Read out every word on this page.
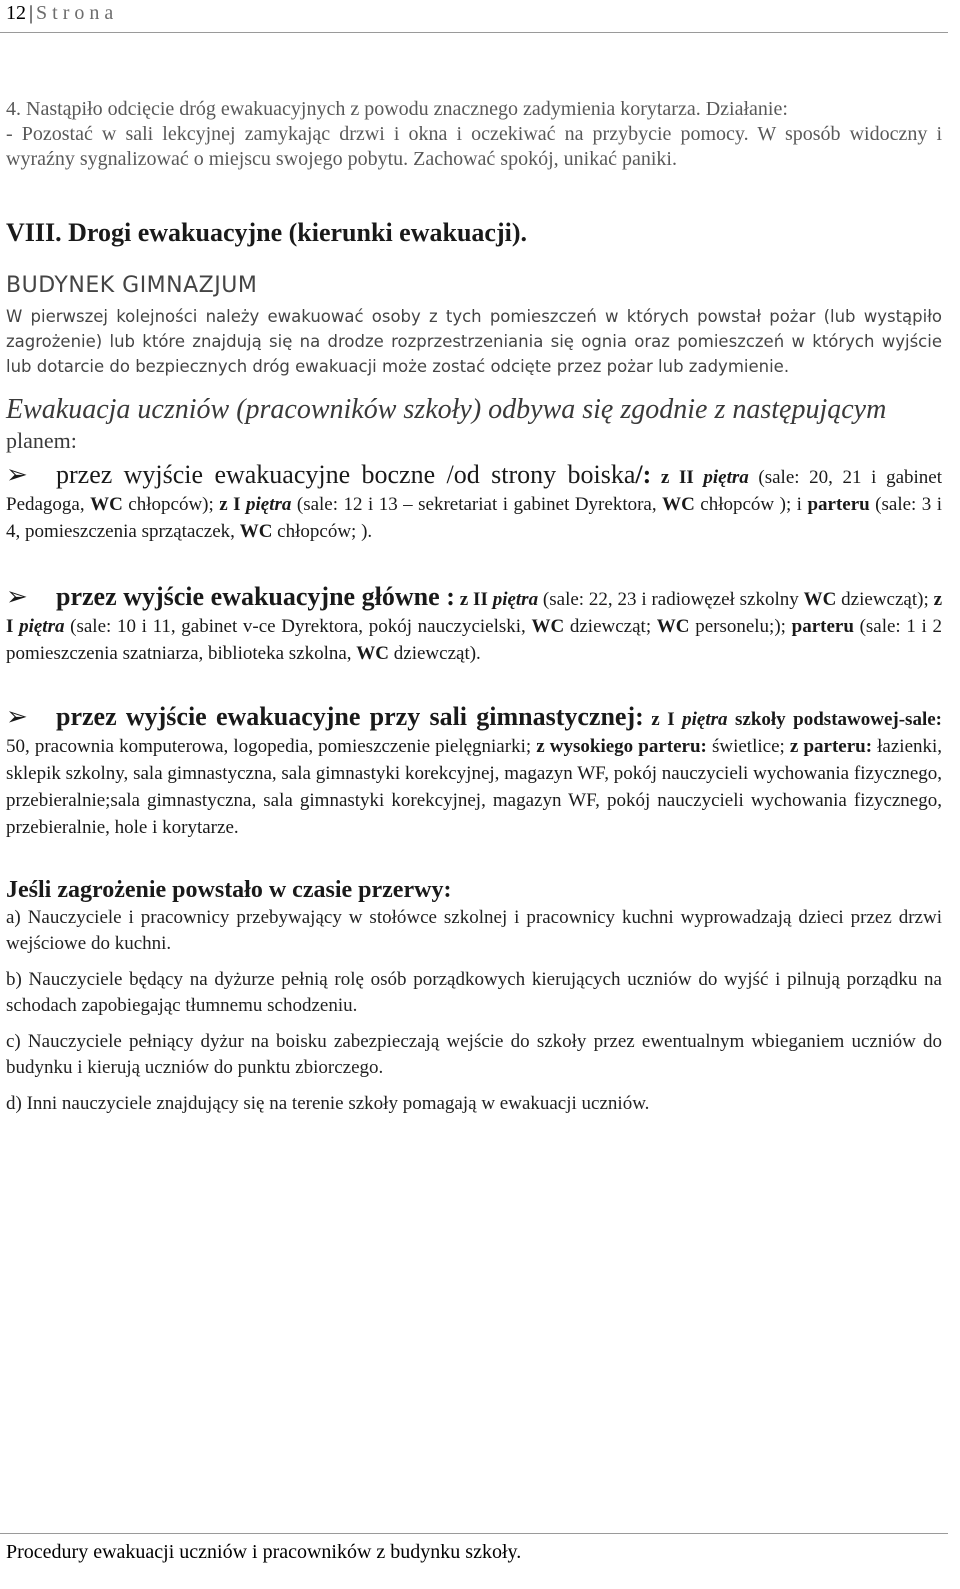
12 | Strona

4. Nastąpiło odcięcie dróg ewakuacyjnych z powodu znacznego zadymienia korytarza. Działanie:

- Pozostać w sali lekcyjnej zamykając drzwi i okna i oczekiwać na przybycie pomocy. W sposób widoczny i wyraźny sygnalizować o miejscu swojego pobytu. Zachować spokój, unikać paniki.

VIII. Drogi ewakuacyjne (kierunki ewakuacji).

BUDYNEK GIMNAZJUM

W pierwszej kolejności należy ewakuować osoby z tych pomieszczeń w których powstał pożar (lub wystąpiło zagrożenie) lub które znajdują się na drodze rozprzestrzeniania się ognia oraz pomieszczeń w których wyjście lub dotarcie do bezpiecznych dróg ewakuacji może zostać odcięte przez pożar lub zadymienie.

Ewakuacja uczniów (pracowników szkoły) odbywa się zgodnie z następującym

planem:

➢ przez wyjście ewakuacyjne boczne /od strony boiska/: z II piętra (sale: 20, 21 i gabinet Pedagoga, WC chłopców); z I piętra (sale: 12 i 13 – sekretariat i gabinet Dyrektora, WC chłopców ); i parteru (sale: 3 i 4, pomieszczenia sprzątaczek, WC chłopców; ).

➢ przez wyjście ewakuacyjne główne : z II piętra (sale: 22, 23 i radiowęzeł szkolny WC dziewcząt); z I piętra (sale: 10 i 11, gabinet v-ce Dyrektora, pokój nauczycielski, WC dziewcząt; WC personelu;); parteru (sale: 1 i 2 pomieszczenia szatniarza, biblioteka szkolna, WC dziewcząt).

➢ przez wyjście ewakuacyjne przy sali gimnastycznej: z I piętra szkoły podstawowej-sale: 50, pracownia komputerowa, logopedia, pomieszczenie pielęgniarki; z wysokiego parteru: świetlice; z parteru: łazienki, sklepik szkolny, sala gimnastyczna, sala gimnastyki korekcyjnej, magazyn WF, pokój nauczycieli wychowania fizycznego, przebieralnie;sala gimnastyczna, sala gimnastyki korekcyjnej, magazyn WF, pokój nauczycieli wychowania fizycznego, przebieralnie, hole i korytarze.

Jeśli zagrożenie powstało w czasie przerwy:

a) Nauczyciele i pracownicy przebywający w stołówce szkolnej i pracownicy kuchni wyprowadzają dzieci przez drzwi wejściowe do kuchni.

b) Nauczyciele będący na dyżurze pełnią rolę osób porządkowych kierujących uczniów do wyjść i pilnują porządku na schodach zapobiegając tłumnemu schodzeniu.

c) Nauczyciele pełniący dyżur na boisku zabezpieczają wejście do szkoły przez ewentualnym wbieganiem uczniów do budynku i kierują uczniów do punktu zbiorczego.

d) Inni nauczyciele znajdujący się na terenie szkoły pomagają w ewakuacji uczniów.

Procedury ewakuacji uczniów i pracowników z budynku szkoły.
